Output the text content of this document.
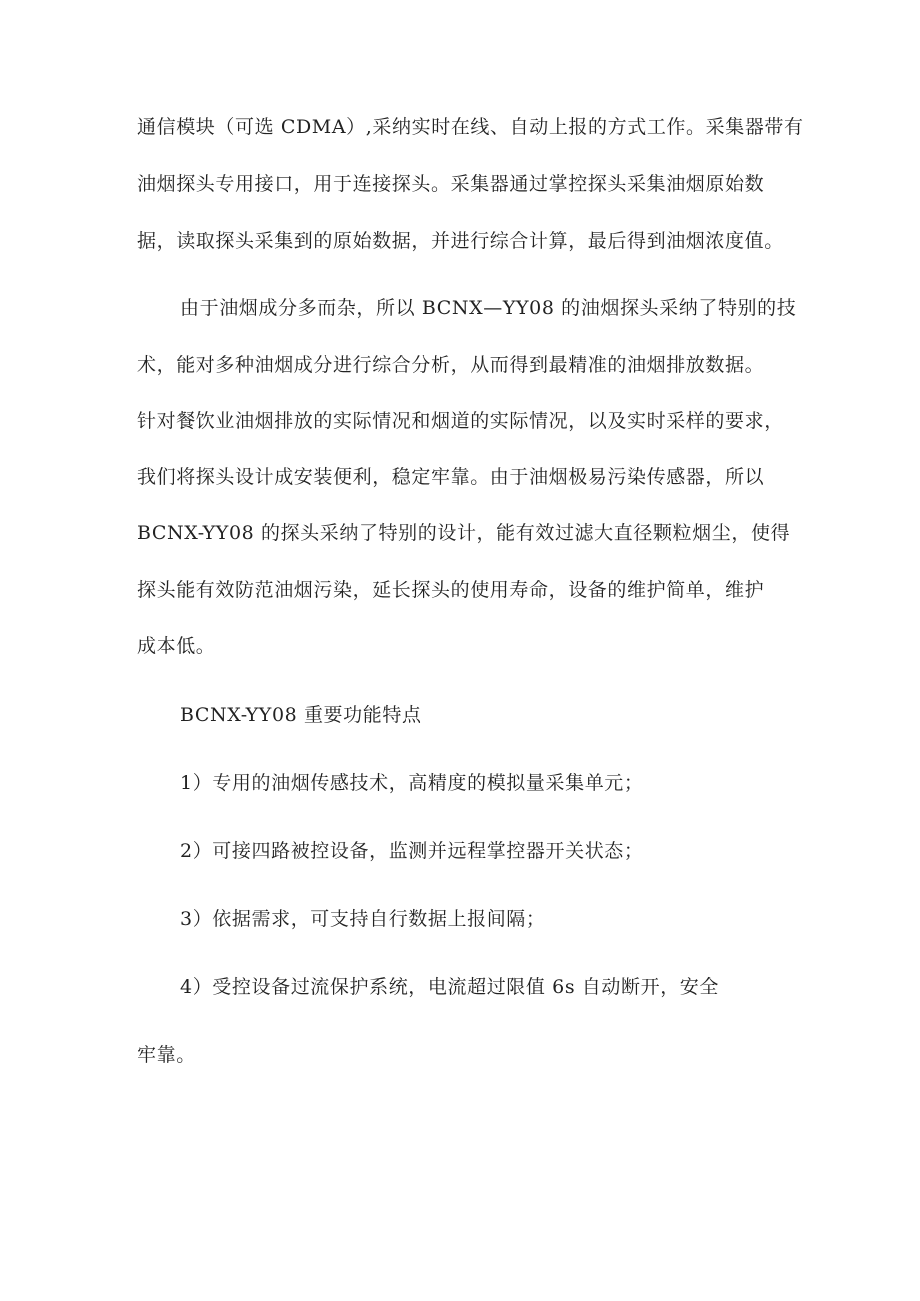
通信模块（可选 CDMA）,采纳实时在线、自动上报的方式工作。采集器带有
油烟探头专用接口，用于连接探头。采集器通过掌控探头采集油烟原始数
据，读取探头采集到的原始数据，并进行综合计算，最后得到油烟浓度值。
由于油烟成分多而杂，所以 BCNX—YY08 的油烟探头采纳了特别的技
术，能对多种油烟成分进行综合分析，从而得到最精准的油烟排放数据。
针对餐饮业油烟排放的实际情况和烟道的实际情况，以及实时采样的要求，
我们将探头设计成安装便利，稳定牢靠。由于油烟极易污染传感器，所以
BCNX-YY08 的探头采纳了特别的设计，能有效过滤大直径颗粒烟尘，使得
探头能有效防范油烟污染，延长探头的使用寿命，设备的维护简单，维护
成本低。
BCNX-YY08 重要功能特点
1）专用的油烟传感技术，高精度的模拟量采集单元；
2）可接四路被控设备，监测并远程掌控器开关状态；
3）依据需求，可支持自行数据上报间隔；
4）受控设备过流保护系统，电流超过限值 6s 自动断开，安全
牢靠。
